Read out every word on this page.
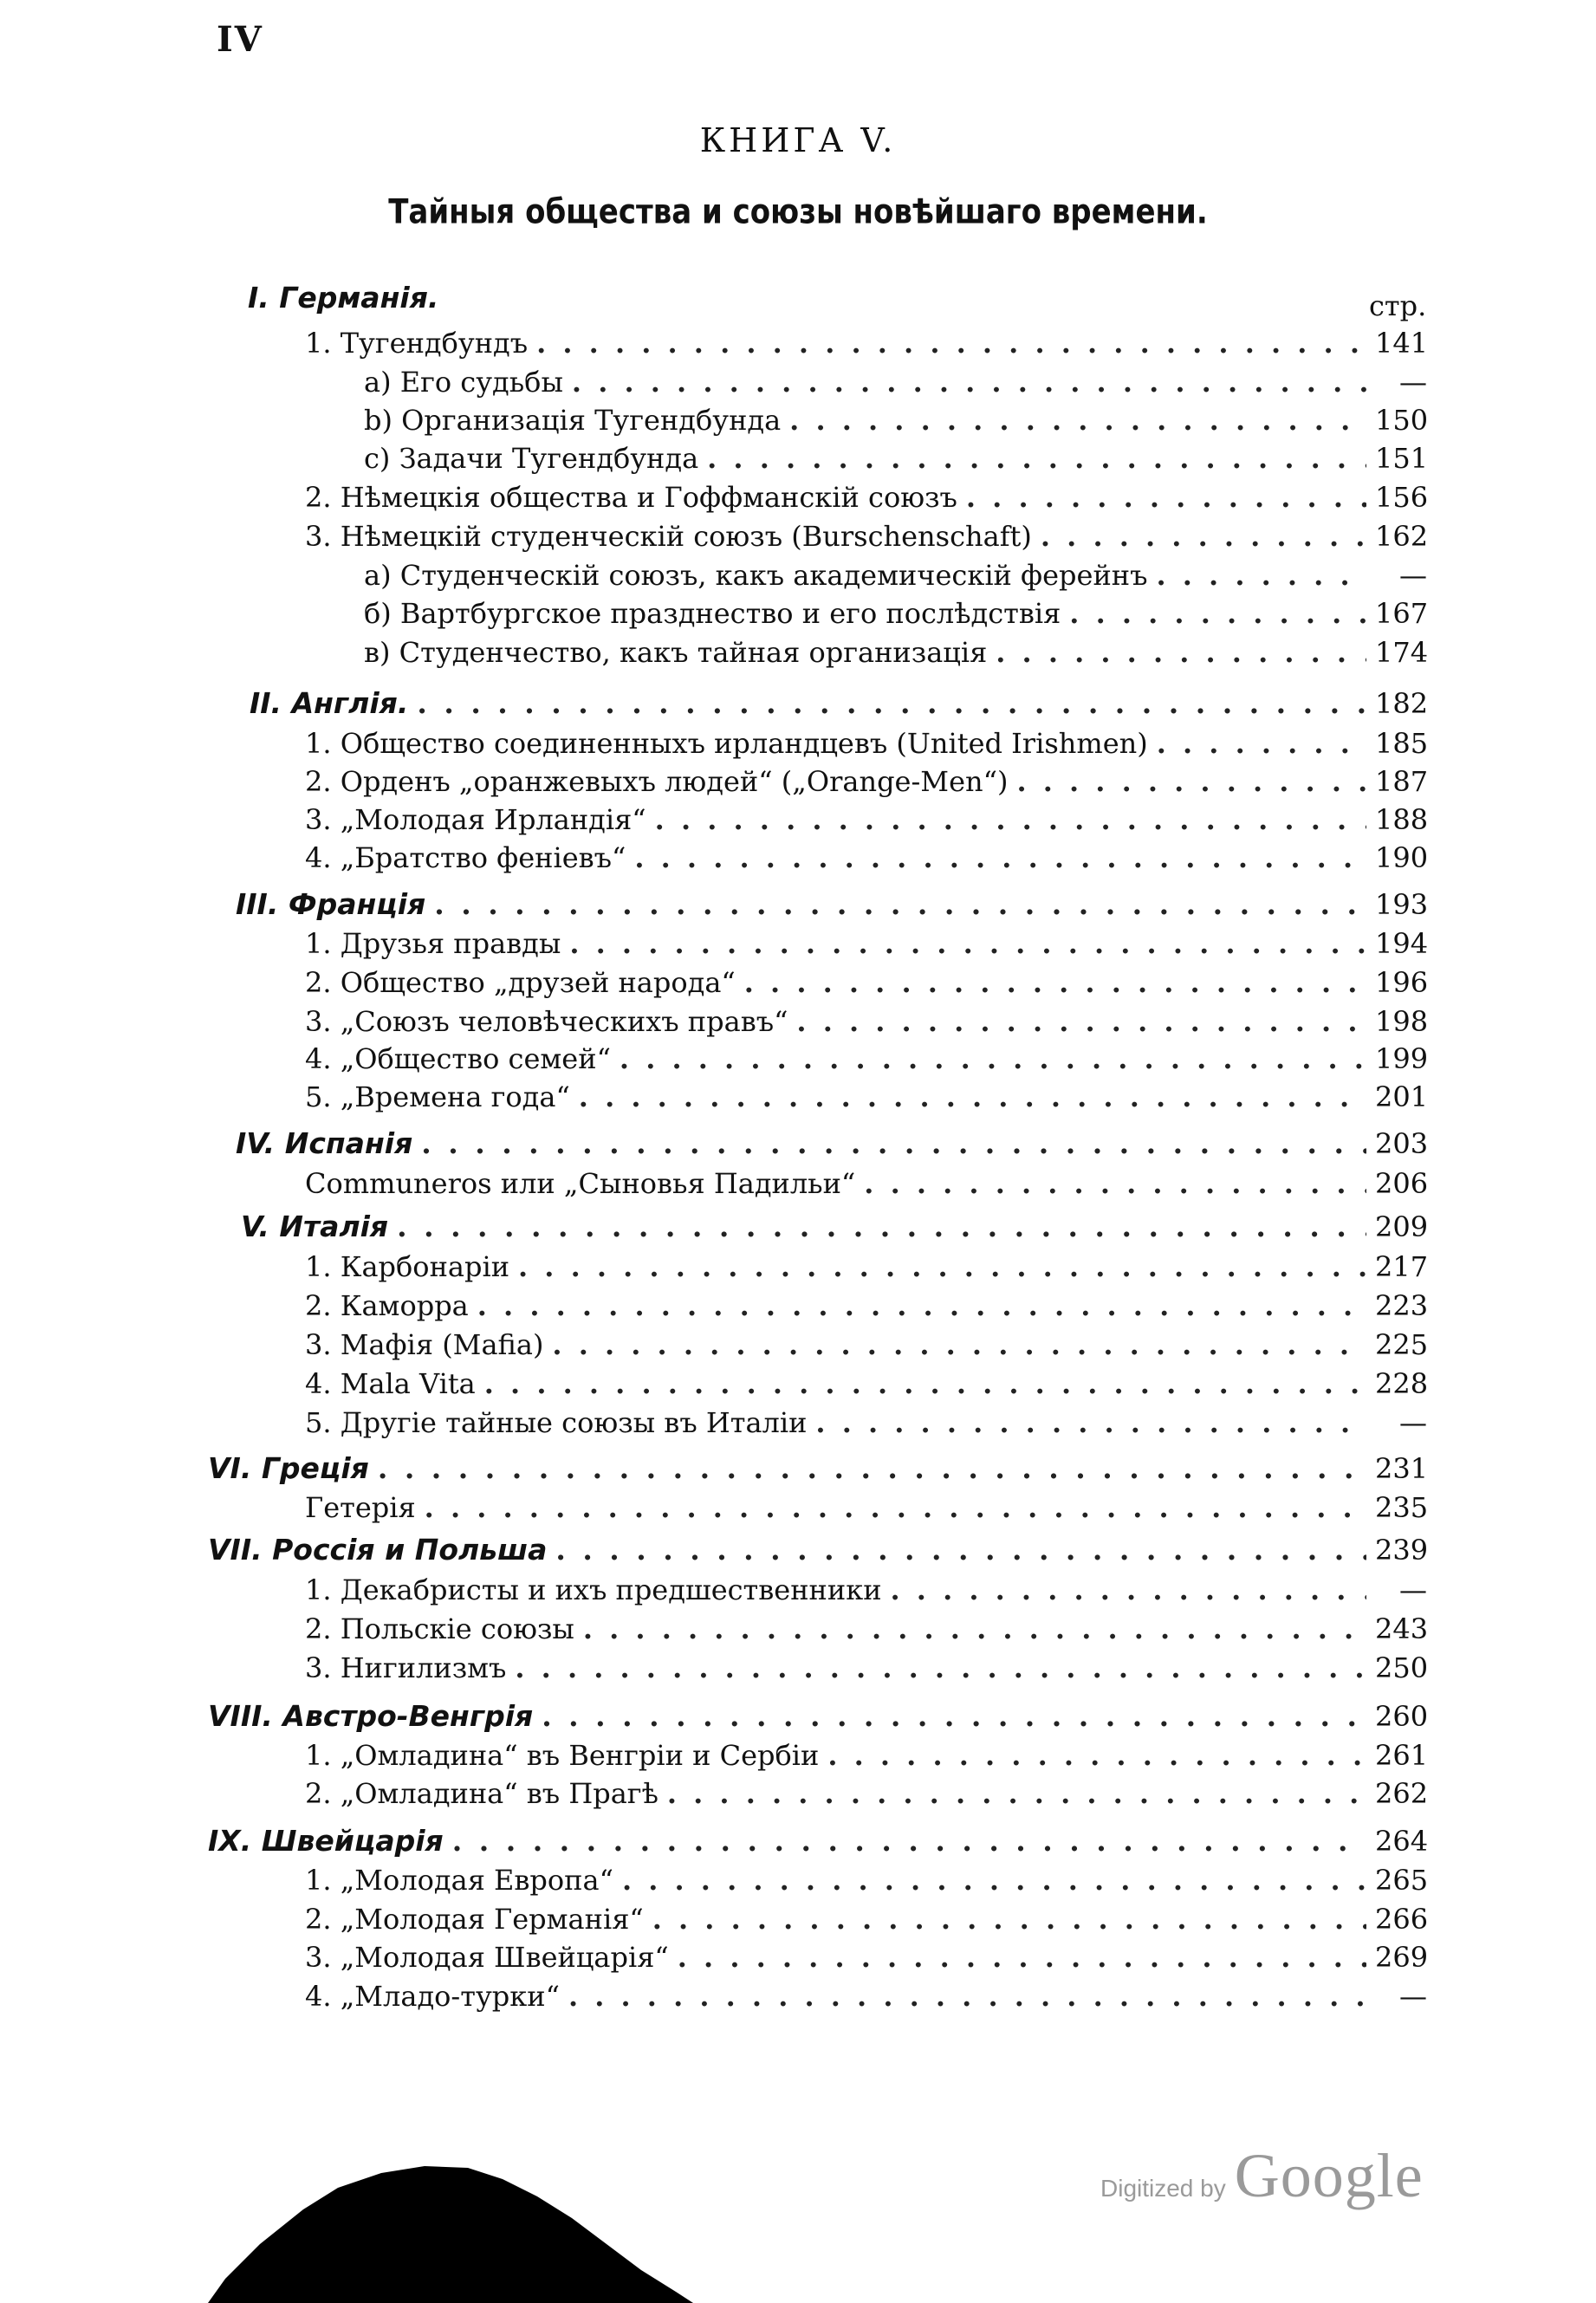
IV
КНИГА V.
Тайныя общества и союзы новѣйшаго времени.
стр.
I. Германія.
1. Тугендбундъ . . .	141
a) Его судьбы . . .	—
b) Организація Тугендбунда . . .	150
c) Задачи Тугендбунда . . .	151
2. Нѣмецкія общества и Гоффманскій союзъ . . .	156
3. Нѣмецкій студенческій союзъ (Burschenschaft) . . .	162
а) Студенческій союзъ, какъ академическій ферейнъ . . .	—
б) Вартбургское празднество и его послѣдствія . . .	167
в) Студенчество, какъ тайная организація . . .	174
II. Англія. . . .	182
1. Общество соединенныхъ ирландцевъ (United Irishmen) . . .	185
2. Орденъ „оранжевыхъ людей“ („Orange-Men“) . . .	187
3. „Молодая Ирландія“ . . .	188
4. „Братство феніевъ“ . . .	190
III. Франція . . .	193
1. Друзья правды . . .	194
2. Общество „друзей народа“ . . .	196
3. „Союзъ человѣческихъ правъ“ . . .	198
4. „Общество семей“ . . .	199
5. „Времена года“ . . .	201
IV. Испанія . . .	203
Communeros или „Сыновья Падильи“ . . .	206
V. Италія . . .	209
1. Карбонаріи . . .	217
2. Каморра . . .	223
3. Мафія (Mafia) . . .	225
4. Mala Vita . . .	228
5. Другіе тайные союзы въ Италіи . . .	—
VI. Греція . . .	231
Гетерія . . .	235
VII. Россія и Польша . . .	239
1. Декабристы и ихъ предшественники . . .	—
2. Польскіе союзы . . .	243
3. Нигилизмъ . . .	250
VIII. Австро-Венгрія . . .	260
1. „Омладина“ въ Венгріи и Сербіи . . .	261
2. „Омладина“ въ Прагѣ . . .	262
IX. Швейцарія . . .	264
1. „Молодая Европа“ . . .	265
2. „Молодая Германія“ . . .	266
3. „Молодая Швейцарія“ . . .	269
4. „Младо-турки“ . . .	—
Digitized by Google
